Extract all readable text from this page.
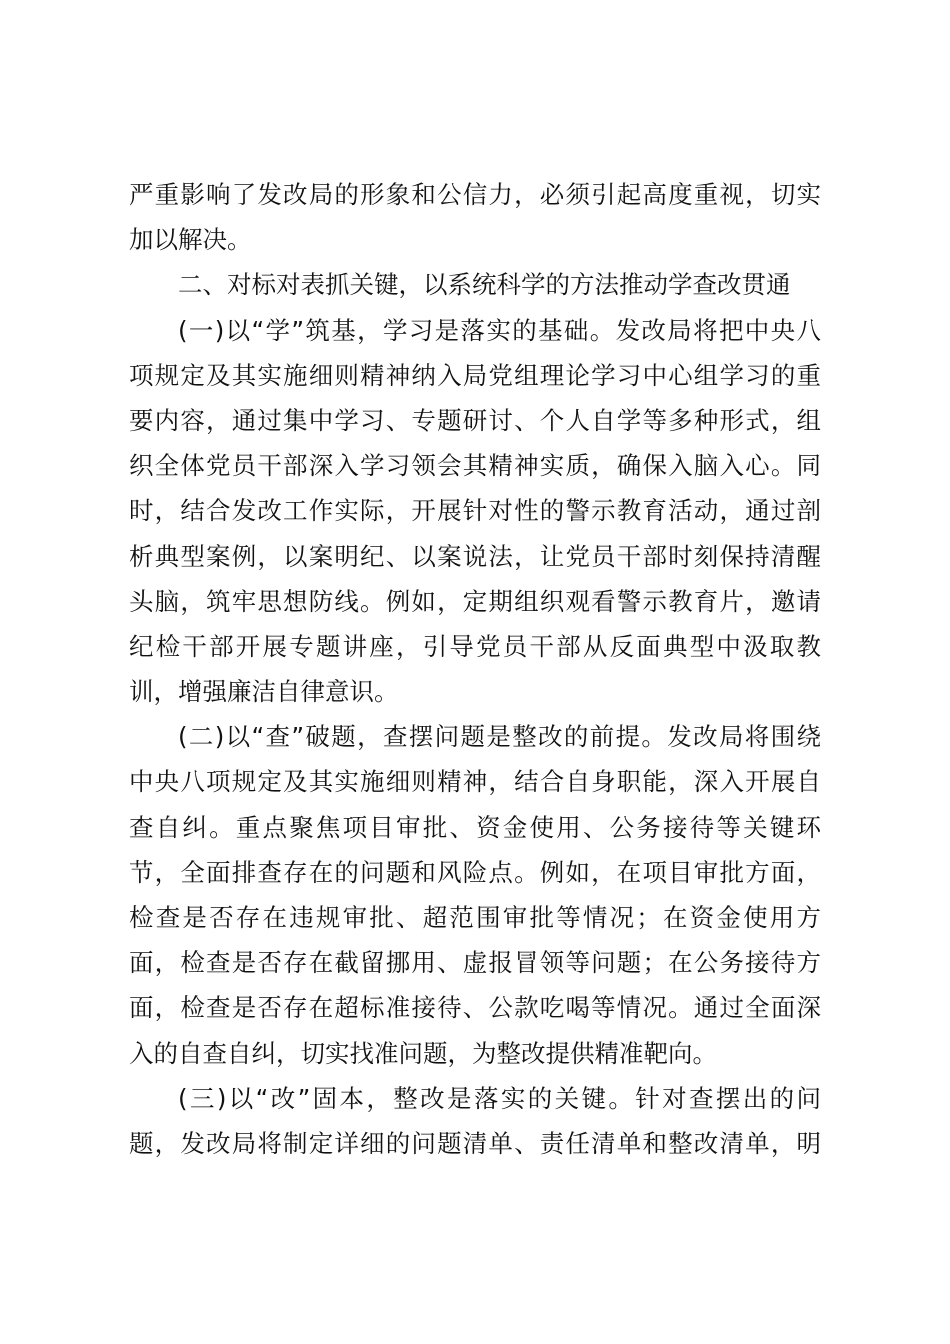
严重影响了发改局的形象和公信力，必须引起高度重视，切实
加以解决。
二、对标对表抓关键，以系统科学的方法推动学查改贯通
(一)以“学”筑基，学习是落实的基础。发改局将把中央八
项规定及其实施细则精神纳入局党组理论学习中心组学习的重
要内容，通过集中学习、专题研讨、个人自学等多种形式，组
织全体党员干部深入学习领会其精神实质，确保入脑入心。同
时，结合发改工作实际，开展针对性的警示教育活动，通过剖
析典型案例，以案明纪、以案说法，让党员干部时刻保持清醒
头脑，筑牢思想防线。例如，定期组织观看警示教育片，邀请
纪检干部开展专题讲座，引导党员干部从反面典型中汲取教
训，增强廉洁自律意识。
(二)以“查”破题，查摆问题是整改的前提。发改局将围绕
中央八项规定及其实施细则精神，结合自身职能，深入开展自
查自纠。重点聚焦项目审批、资金使用、公务接待等关键环
节，全面排查存在的问题和风险点。例如，在项目审批方面，
检查是否存在违规审批、超范围审批等情况；在资金使用方
面，检查是否存在截留挪用、虚报冒领等问题；在公务接待方
面，检查是否存在超标准接待、公款吃喝等情况。通过全面深
入的自查自纠，切实找准问题，为整改提供精准靶向。
(三)以“改”固本，整改是落实的关键。针对查摆出的问
题，发改局将制定详细的问题清单、责任清单和整改清单，明
